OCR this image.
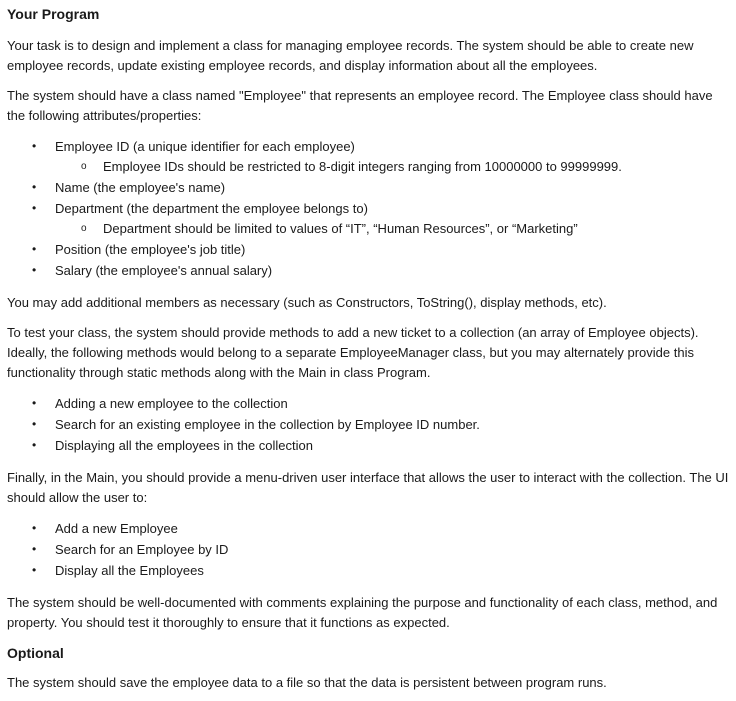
Your Program

Your task is to design and implement a class for managing employee records. The system should be able to create new employee records, update existing employee records, and display information about all the employees.

The system should have a class named "Employee" that represents an employee record. The Employee class should have the following attributes/properties:

• Employee ID (a unique identifier for each employee)
o Employee IDs should be restricted to 8-digit integers ranging from 10000000 to 99999999.
• Name (the employee's name)
• Department (the department the employee belongs to)
o Department should be limited to values of “IT”, “Human Resources”, or “Marketing”
• Position (the employee's job title)
• Salary (the employee's annual salary)

You may add additional members as necessary (such as Constructors, ToString(), display methods, etc).

To test your class, the system should provide methods to add a new ticket to a collection (an array of Employee objects). Ideally, the following methods would belong to a separate EmployeeManager class, but you may alternately provide this functionality through static methods along with the Main in class Program.

• Adding a new employee to the collection
• Search for an existing employee in the collection by Employee ID number.
• Displaying all the employees in the collection

Finally, in the Main, you should provide a menu-driven user interface that allows the user to interact with the collection. The UI should allow the user to:

• Add a new Employee
• Search for an Employee by ID
• Display all the Employees

The system should be well-documented with comments explaining the purpose and functionality of each class, method, and property. You should test it thoroughly to ensure that it functions as expected.

Optional

The system should save the employee data to a file so that the data is persistent between program runs.
